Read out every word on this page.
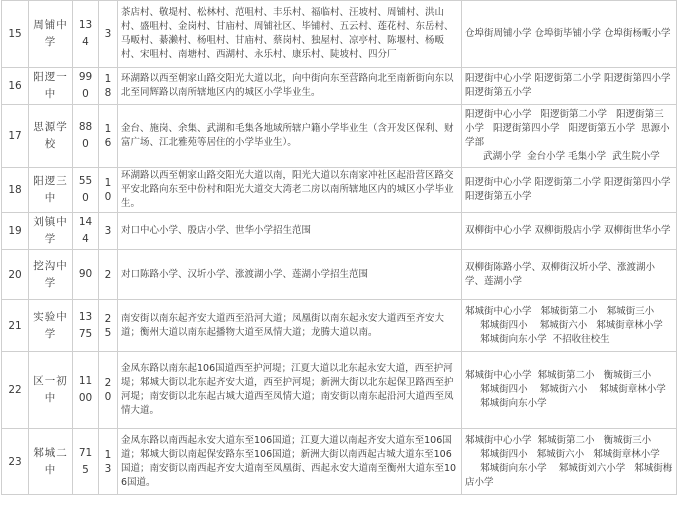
15	周铺中学	134	3	茶店村、敬堤村、松林村、范咀村、丰乐村、福临村、汪坡村、周铺村、洪山村、盛咀村、金岗村、甘庙村、周铺社区、毕铺村、五云村、莲花村、东岳村、马畈村、綦濑村、杨咀村、甘庙村、蔡岗村、独屋村、凉亭村、陈堰村、杨畈村、宋咀村、南塘村、西湖村、永乐村、康乐村、陡坡村、四分厂	仓埠街周铺小学 仓埠街毕铺小学 仓埠街杨畈小学
16	阳逻一中	990	18	环湖路以西至朝家山路交阳光大道以北，向中街向东至营路向北至南新街向东以北至同辉路以南所辖地区内的城区小学毕业生。	阳逻街中心小学 阳逻街第二小学 阳逻街第四小学 阳逻街第五小学
17	思源学校	880	16	金台、施岗、余集、武湖和毛集各地域所辖户籍小学毕业生（含开发区保利、财富广场、江北雅苑等居住的小学毕业生）。	阳逻街中心小学   阳逻街第二小学   阳逻街第三小学   阳逻街第四小学   阳逻街第五小学  思源小学部
武湖小学  金台小学 毛集小学  武生院小学

18	阳逻三中	550	10	环湖路以西至朝家山路交阳光大道以南，阳光大道以东南家冲社区起沿营区路交平安北路向东至中份村和阳光大道交大湾老二房以南所辖地区内的城区小学毕业生。	阳逻街中心小学 阳逻街第二小学 阳逻街第四小学 阳逻街第五小学
19	刘镇中学	144	3	对口中心小学、殷店小学、世华小学招生范围	双柳街中心小学 双柳街殷店小学 双柳街世华小学
20	挖沟中学	90	2	对口陈路小学、汉圻小学、涨渡湖小学、莲湖小学招生范围	双柳街陈路小学、双柳街汉圻小学、涨渡湖小学、莲湖小学
21	实验中学	1375	25	南安街以南东起齐安大道西至沿河大道；凤凰街以南东起永安大道西至齐安大道；衡州大道以南东起播物大道至凤情大道；龙腾大道以南。	邾城街中心小学   邾城街第二小   邾城街三小
邾城街四小    邾城街六小   邾城街章林小学
邾城街向东小学  不招收往校生

22	区一初中	1100	20	金凤东路以南东起106国道西至护河堤；江夏大道以北东起永安大道，西至护河堤；邾城大街以北东起齐安大道，西至护河堤；新洲大街以北东起保卫路西至护河堤；南安街以北东起古城大道西至凤情大道；南安街以南东起沿河大道西至凤情大道。	邾城街中心小学  邾城街第二小   衡城街三小
邾城街四小    邾城街六小    邾城街章林小学
邾城街向东小学

23	邾城二中	715	13	金凤东路以南西起永安大道东至106国道；江夏大道以南起齐安大道东至106国道；邾城大街以南起保安路东至106国道；新洲大街以南西起古城大道东至106国道；南安街以南西起齐安大道南至凤凰街、西起永安大道南至衡州大道东至106国道。	邾城街中心小学  邾城街第二小   衡城街三小
邾城街四小   邾城街六小   邾城街章林小学
邾城街向东小学    邾城街刘六小学   邾城街梅店小学
